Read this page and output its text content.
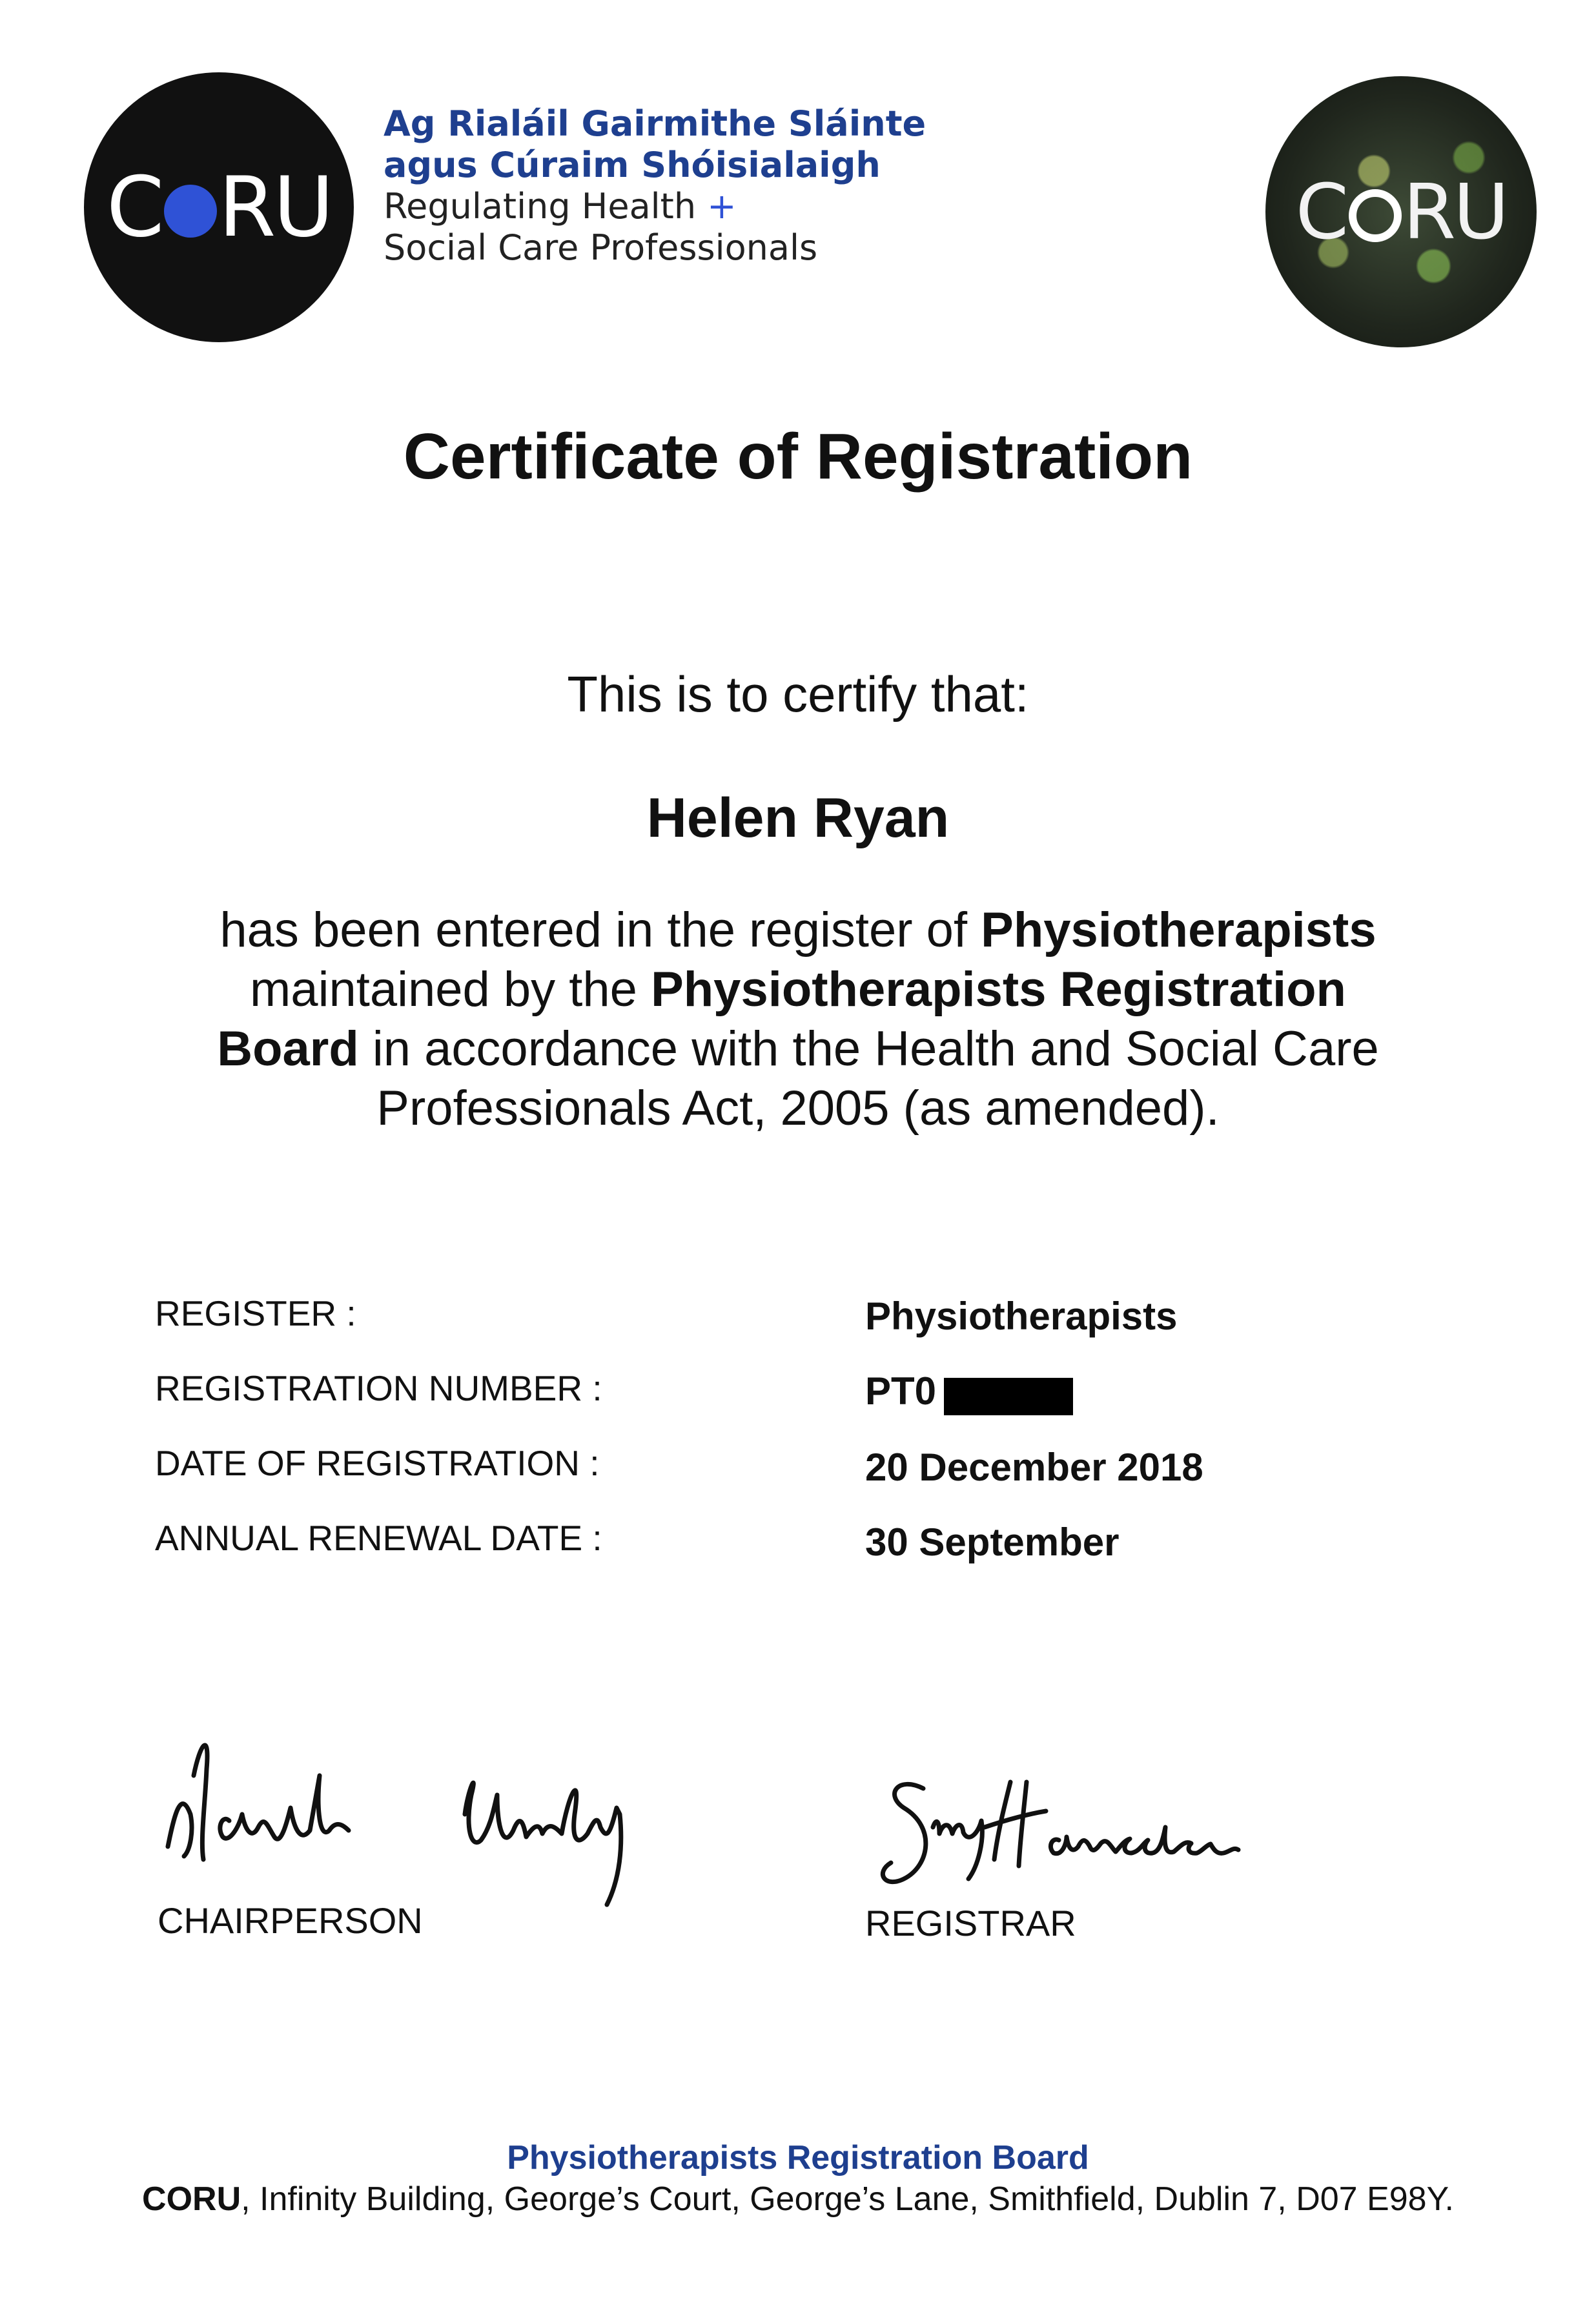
C RU
Ag Rialáil Gairmithe Sláinte
agus Cúraim Shóisialaigh
Regulating Health +
Social Care Professionals	C RU
Certificate of Registration
This is to certify that:
Helen Ryan
has been entered in the register of Physiotherapists
maintained by the Physiotherapists Registration
Board in accordance with the Health and Social Care
Professionals Act, 2005 (as amended).
REGISTER :	Physiotherapists
REGISTRATION NUMBER :	PT0
DATE OF REGISTRATION :	20 December 2018
ANNUAL RENEWAL DATE :	30 September
CHAIRPERSON	REGISTRAR
Physiotherapists Registration Board
CORU, Infinity Building, George’s Court, George’s Lane, Smithfield, Dublin 7, D07 E98Y.
